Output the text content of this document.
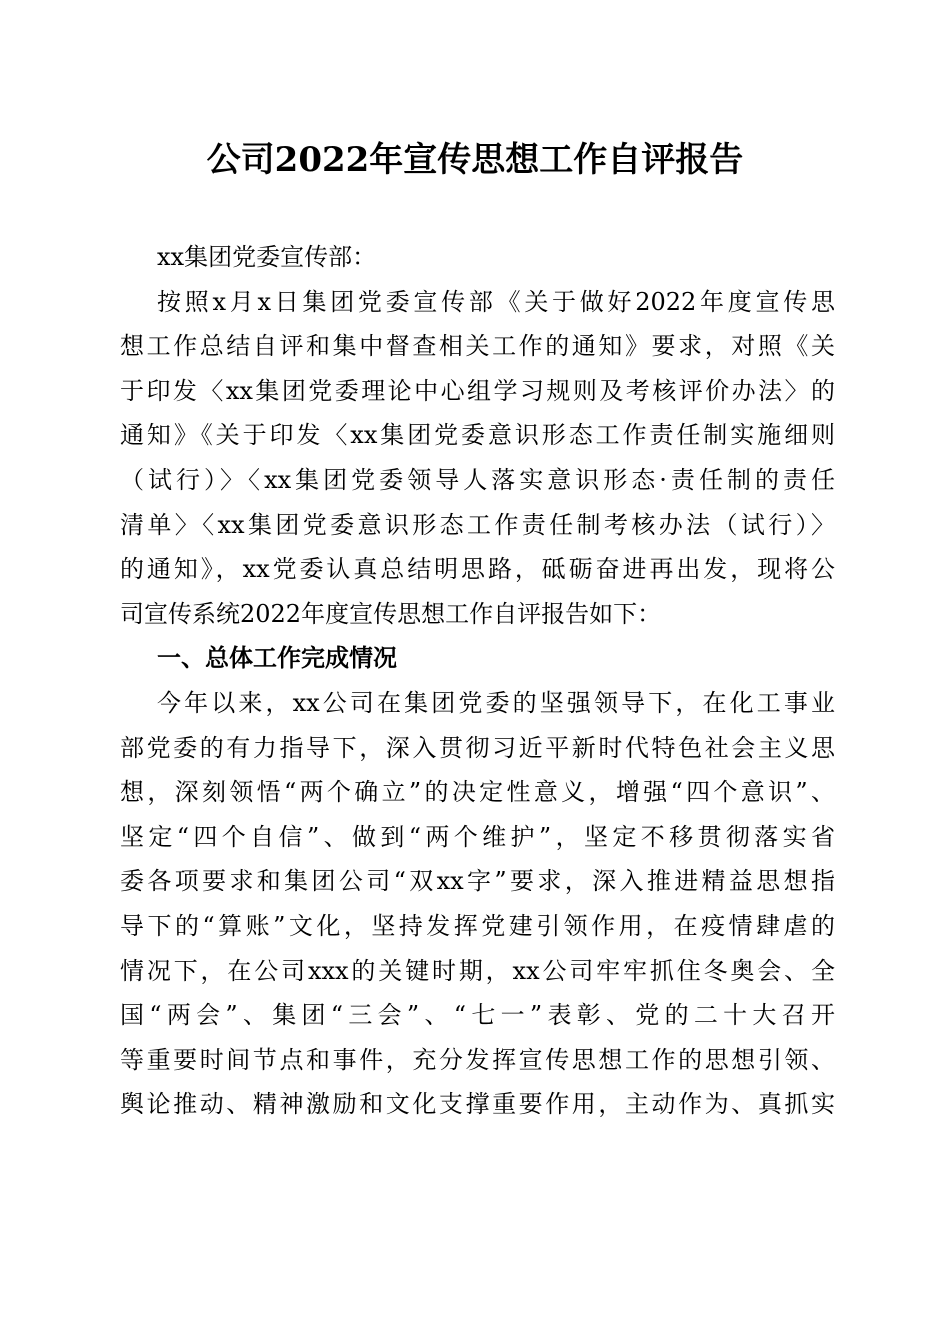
公司2022年宣传思想工作自评报告
xx集团党委宣传部：
按照x月x日集团党委宣传部《关于做好2022年度宣传思
想工作总结自评和集中督查相关工作的通知》要求，对照《关
于印发〈xx集团党委理论中心组学习规则及考核评价办法〉的
通知》《关于印发〈xx集团党委意识形态工作责任制实施细则
（试行）〉〈xx集团党委领导人落实意识形态·责任制的责任
清单〉〈xx集团党委意识形态工作责任制考核办法（试行）〉
的通知》，xx党委认真总结明思路，砥砺奋进再出发，现将公
司宣传系统2022年度宣传思想工作自评报告如下：
一、总体工作完成情况
今年以来，xx公司在集团党委的坚强领导下，在化工事业
部党委的有力指导下，深入贯彻习近平新时代特色社会主义思
想，深刻领悟“两个确立”的决定性意义，增强“四个意识”、
坚定“四个自信”、做到“两个维护”，坚定不移贯彻落实省
委各项要求和集团公司“双xx字”要求，深入推进精益思想指
导下的“算账”文化，坚持发挥党建引领作用，在疫情肆虐的
情况下，在公司xxx的关键时期，xx公司牢牢抓住冬奥会、全
国“两会”、集团“三会”、“七一”表彰、党的二十大召开
等重要时间节点和事件，充分发挥宣传思想工作的思想引领、
舆论推动、精神激励和文化支撑重要作用，主动作为、真抓实
